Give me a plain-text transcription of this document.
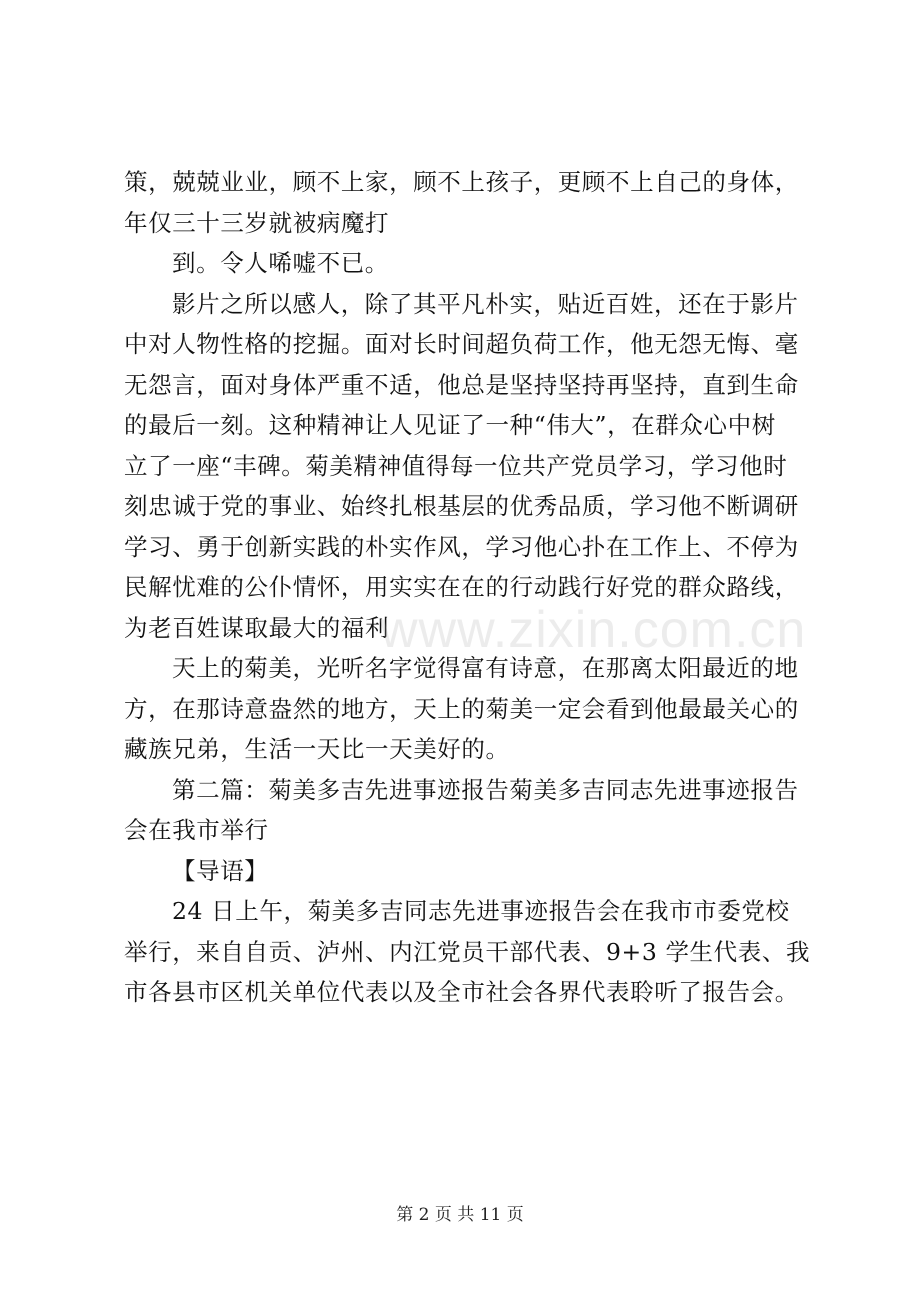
策，兢兢业业，顾不上家，顾不上孩子，更顾不上自己的身体，
年仅三十三岁就被病魔打
到。令人唏嘘不已。
影片之所以感人，除了其平凡朴实，贴近百姓，还在于影片
中对人物性格的挖掘。面对长时间超负荷工作，他无怨无悔、毫
无怨言，面对身体严重不适，他总是坚持坚持再坚持，直到生命
的最后一刻。这种精神让人见证了一种“伟大”，在群众心中树
立了一座“丰碑。菊美精神值得每一位共产党员学习，学习他时
刻忠诚于党的事业、始终扎根基层的优秀品质，学习他不断调研
学习、勇于创新实践的朴实作风，学习他心扑在工作上、不停为
民解忧难的公仆情怀，用实实在在的行动践行好党的群众路线，
为老百姓谋取最大的福利
天上的菊美，光听名字觉得富有诗意，在那离太阳最近的地
方，在那诗意盎然的地方，天上的菊美一定会看到他最最关心的
藏族兄弟，生活一天比一天美好的。
第二篇：菊美多吉先进事迹报告菊美多吉同志先进事迹报告
会在我市举行
【导语】
24 日上午，菊美多吉同志先进事迹报告会在我市市委党校
举行，来自自贡、泸州、内江党员干部代表、9+3 学生代表、我
市各县市区机关单位代表以及全市社会各界代表聆听了报告会。
www.zixin.com.cn
第 2 页 共 11 页
